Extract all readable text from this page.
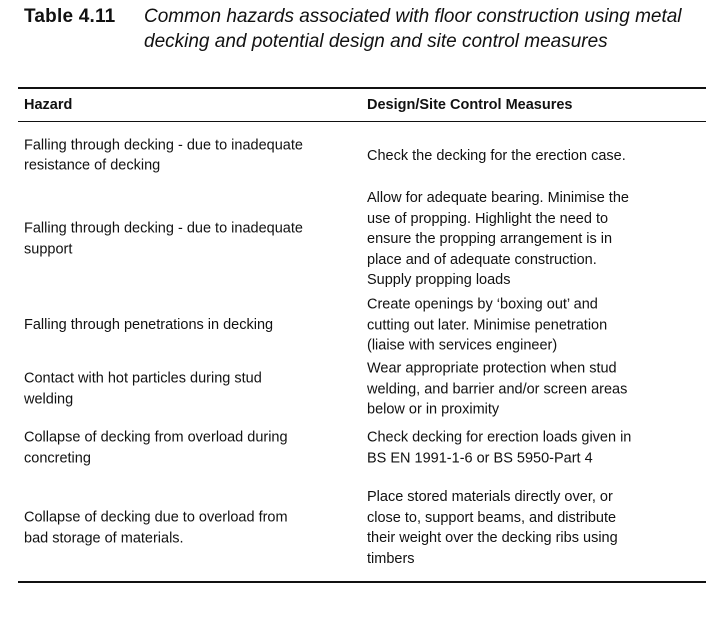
Table 4.11 Common hazards associated with floor construction using metal decking and potential design and site control measures
Hazard	Design/Site Control Measures
Falling through decking - due to inadequate
resistance of decking
Check the decking for the erection case.
Falling through decking - due to inadequate
support
Allow for adequate bearing. Minimise the
use of propping. Highlight the need to
ensure the propping arrangement is in
place and of adequate construction.
Supply propping loads
Falling through penetrations in decking
Create openings by ‘boxing out’ and
cutting out later. Minimise penetration
(liaise with services engineer)
Contact with hot particles during stud
welding
Wear appropriate protection when stud
welding, and barrier and/or screen areas
below or in proximity
Collapse of decking from overload during
concreting
Check decking for erection loads given in
BS EN 1991-1-6 or BS 5950-Part 4
Collapse of decking due to overload from
bad storage of materials.
Place stored materials directly over, or
close to, support beams, and distribute
their weight over the decking ribs using
timbers
